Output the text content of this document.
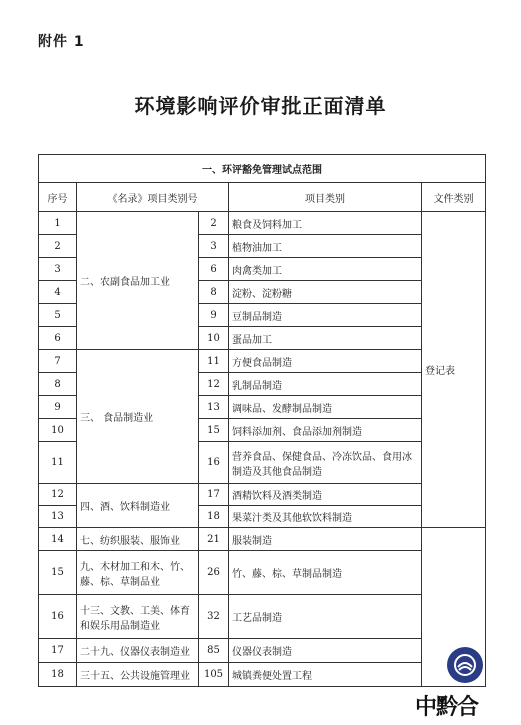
附件 1
环境影响评价审批正面清单
一、环评豁免管理试点范围				
序号	《名录》项目类别号		项目类别	文件类别
1	二、农副食品加工业	2	粮食及饲料加工	登记表
2		3	植物油加工	
3		6	肉禽类加工	
4		8	淀粉、淀粉糖	
5		9	豆制品制造	
6		10	蛋品加工	
7	三、 食品制造业	11	方便食品制造	
8		12	乳制品制造	
9		13	调味品、发酵制品制造	
10		15	饲料添加剂、食品添加剂制造	
11		16	营养食品、保健食品、冷冻饮品、食用冰制造及其他食品制造	
12	四、酒、饮料制造业	17	酒精饮料及酒类制造	
13		18	果菜汁类及其他软饮料制造	
14	七、纺织服装、服饰业	21	服装制造	
15	九、木材加工和木、竹、藤、棕、草制品业	26	竹、藤、棕、草制品制造	
16	十三、文教、工美、体育和娱乐用品制造业	32	工艺品制造	
17	二十九、仪器仪表制造业	85	仪器仪表制造	
18	三十五、公共设施管理业	105	城镇粪便处置工程	
中黔合
